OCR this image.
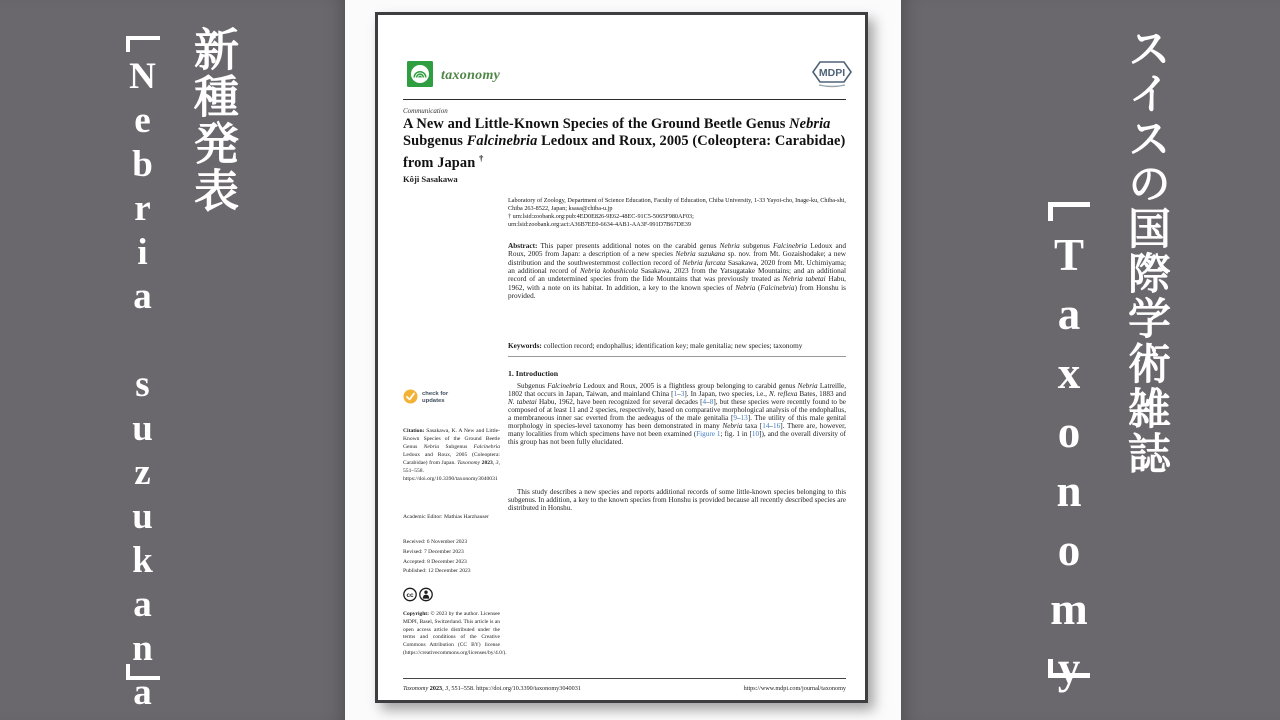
新種発表
Nebria suzukana	スイスの国際学術雑誌
Taxonomy
taxonomy	MDPI
Communication
A New and Little-Known Species of the Ground Beetle Genus Nebria Subgenus Falcinebria Ledoux and Roux, 2005 (Coleoptera: Carabidae) from Japan †
Kôji Sasakawa

Laboratory of Zoology, Department of Science Education, Faculty of Education, Chiba University, 1-33 Yayoi-cho, Inage-ku, Chiba-shi, Chiba 263-8522, Japan; ksasa@chiba-u.jp

† urn:lsid:zoobank.org:pub:4ED0E826-9E62-48EC-91C5-5065F980AF03;

urn:lsid:zoobank.org:act:A36B7EE0-6634-4AB1-AA3F-991D7B67DE39

Abstract: This paper presents additional notes on the carabid genus Nebria subgenus Falcinebria Ledoux and Roux, 2005 from Japan: a description of a new species Nebria suzukana sp. nov. from Mt. Gozaishodake; a new distribution and the southwesternmost collection record of Nebria furcata Sasakawa, 2020 from Mt. Uchimiyama; an additional record of Nebria kobushicola Sasakawa, 2023 from the Yatsugatake Mountains; and an additional record of an undetermined species from the Iide Mountains that was previously treated as Nebria tabetai Habu, 1962, with a note on its habitat. In addition, a key to the known species of Nebria (Falcinebria) from Honshu is provided.
Keywords: collection record; endophallus; identification key; male genitalia; new species; taxonomy
1. Introduction
Subgenus Falcinebria Ledoux and Roux, 2005 is a flightless group belonging to carabid genus Nebria Latreille, 1802 that occurs in Japan, Taiwan, and mainland China [1–3]. In Japan, two species, i.e., N. reflexa Bates, 1883 and N. tabetai Habu, 1962, have been recognized for several decades [4–8], but these species were recently found to be composed of at least 11 and 2 species, respectively, based on comparative morphological analysis of the endophallus, a membraneous inner sac everted from the aedeagus of the male genitalia [9–13]. The utility of this male genital morphology in species-level taxonomy has been demonstrated in many Nebria taxa [14–16]. There are, however, many localities from which specimens have not been examined (Figure 1; fig. 1 in [10]), and the overall diversity of this group has not been fully elucidated.
This study describes a new species and reports additional records of some little-known species belonging to this subgenus. In addition, a key to the known species from Honshu is provided because all recently described species are distributed in Honshu.
check for
updates
Citation: Sasakawa, K. A New and Little-Known Species of the Ground Beetle Genus Nebria Subgenus Falcinebria Ledoux and Roux, 2005 (Coleoptera: Carabidae) from Japan. Taxonomy 2023, 3, 551–558. https://doi.org/10.3390/taxonomy3040031
Academic Editor: Mathias Harzhauser

Received: 6 November 2023

Revised: 7 December 2023

Accepted: 8 December 2023

Published: 12 December 2023

cc
Copyright: © 2023 by the author. Licensee MDPI, Basel, Switzerland. This article is an open access article distributed under the terms and conditions of the Creative Commons Attribution (CC BY) license (https://creativecommons.org/licenses/by/4.0/).
Taxonomy 2023, 3, 551–558. https://doi.org/10.3390/taxonomy3040031	https://www.mdpi.com/journal/taxonomy
